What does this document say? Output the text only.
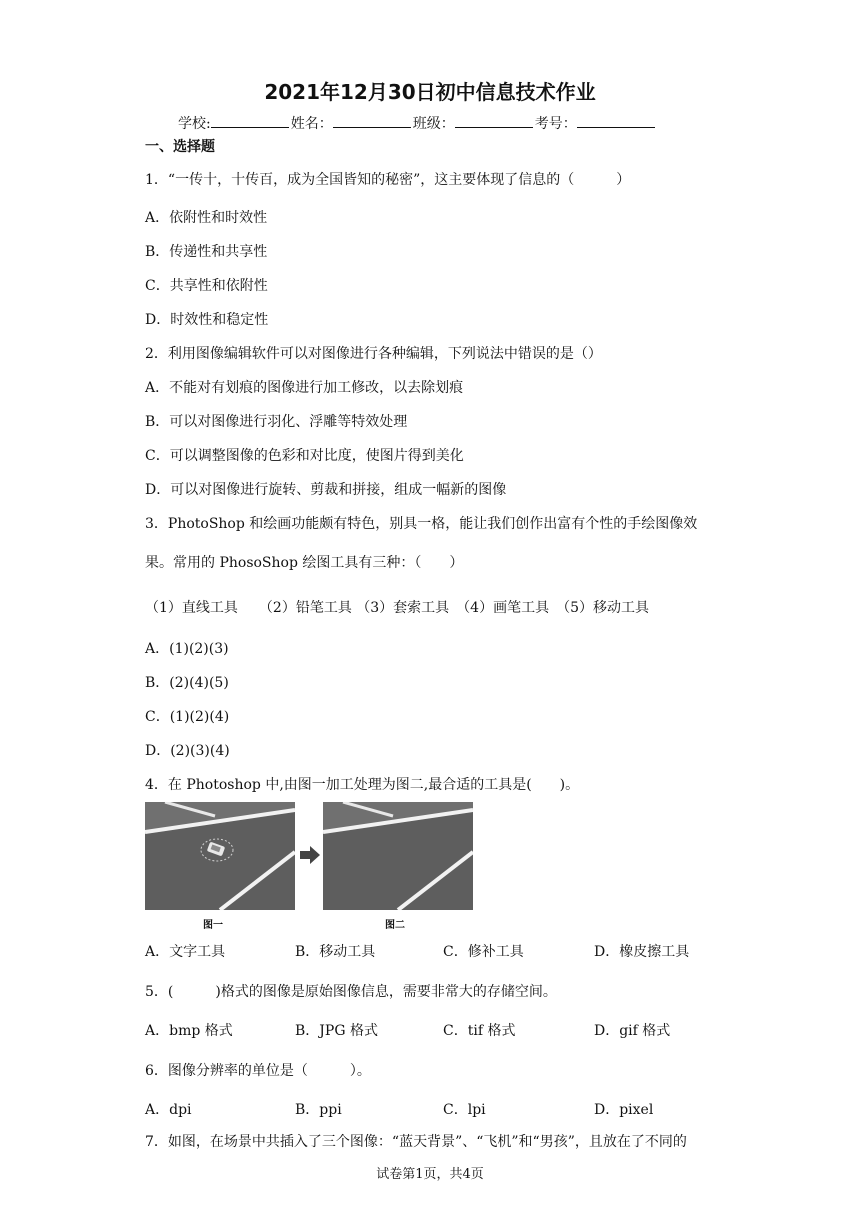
2021年12月30日初中信息技术作业
学校:	姓名：	班级：	考号：
一、选择题
1．“一传十，十传百，成为全国皆知的秘密”，这主要体现了信息的（　　　）
A．依附性和时效性
B．传递性和共享性
C．共享性和依附性
D．时效性和稳定性
2．利用图像编辑软件可以对图像进行各种编辑，下列说法中错误的是（）
A．不能对有划痕的图像进行加工修改，以去除划痕
B．可以对图像进行羽化、浮雕等特效处理
C．可以调整图像的色彩和对比度，使图片得到美化
D．可以对图像进行旋转、剪裁和拼接，组成一幅新的图像
3．PhotoShop 和绘画功能颇有特色，别具一格，能让我们创作出富有个性的手绘图像效
果。常用的 PhosoShop 绘图工具有三种：（　　）
（1）直线工具　　（2）铅笔工具 （3）套索工具　（4）画笔工具　（5）移动工具
A．(1)(2)(3)
B．(2)(4)(5)
C．(1)(2)(4)
D．(2)(3)(4)
4．在 Photoshop 中,由图一加工处理为图二,最合适的工具是(　　)。
图一	图二
A．文字工具	B．移动工具	C．修补工具	D．橡皮擦工具
5．(　　　)格式的图像是原始图像信息，需要非常大的存储空间。
A．bmp 格式	B．JPG 格式	C．tif 格式	D．gif 格式
6．图像分辨率的单位是（　　　）。
A．dpi	B．ppi	C．lpi	D．pixel
7．如图，在场景中共插入了三个图像：“蓝天背景”、“飞机”和“男孩”，且放在了不同的
试卷第1页，共4页
